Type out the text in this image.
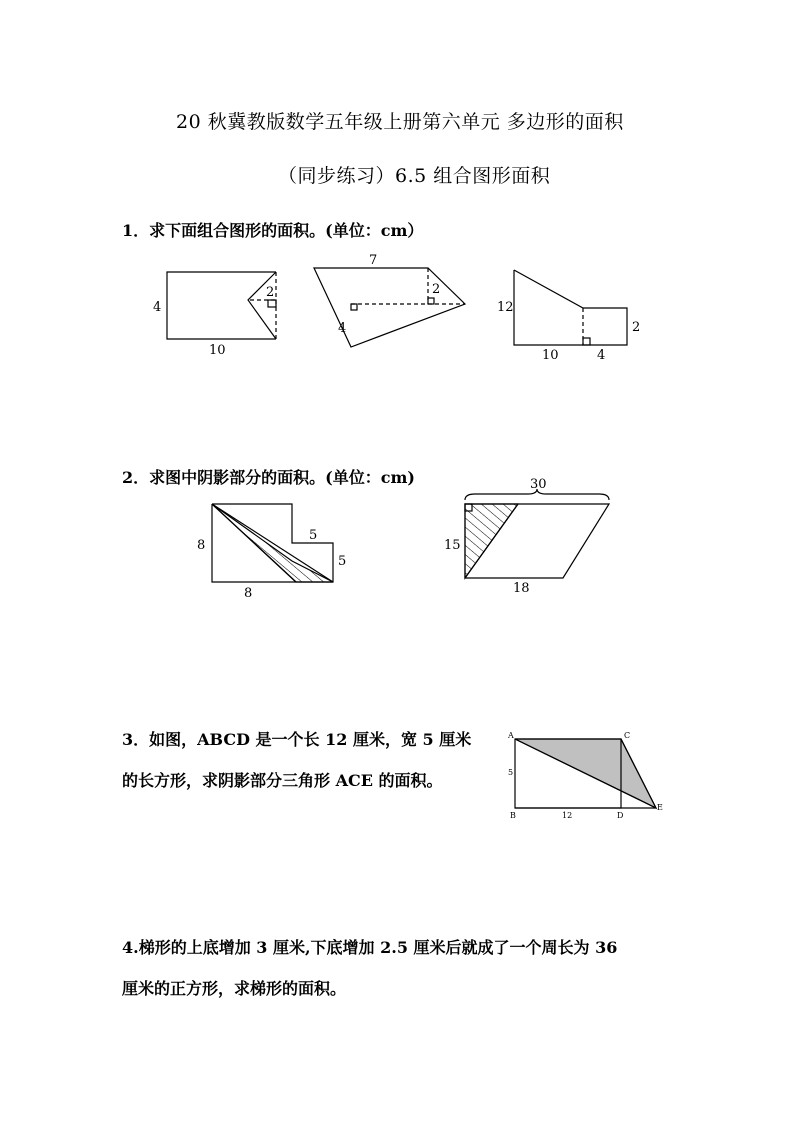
20 秋冀教版数学五年级上册第六单元 多边形的面积
（同步练习）6.5 组合图形面积
1．求下面组合图形的面积。(单位：cm）
2．求图中阴影部分的面积。(单位：cm)
3．如图，ABCD 是一个长 12 厘米，宽 5 厘米
的长方形，求阴影部分三角形 ACE 的面积。
4.梯形的上底增加 3 厘米,下底增加 2.5 厘米后就成了一个周长为 36
厘米的正方形，求梯形的面积。
4
2
10
7
2
4
12
2
10	4
8
8
5
5
30
15
18
A
B
C
D
E
5
12
